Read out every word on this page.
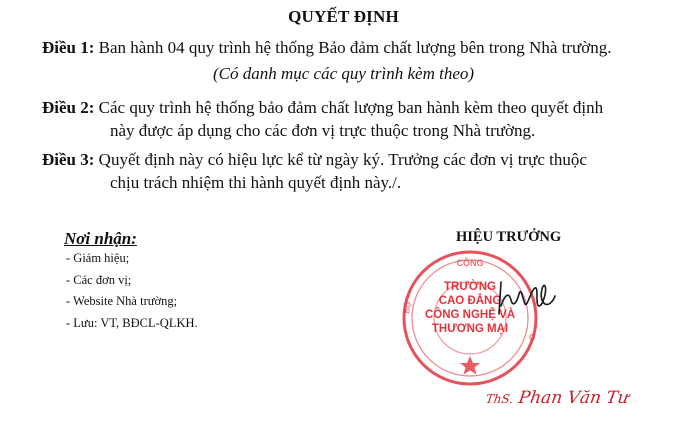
QUYẾT ĐỊNH
Điều 1: Ban hành 04 quy trình hệ thống Bảo đảm chất lượng bên trong Nhà trường.
(Có danh mục các quy trình kèm theo)
Điều 2: Các quy trình hệ thống bảo đảm chất lượng ban hành kèm theo quyết định
này được áp dụng cho các đơn vị trực thuộc trong Nhà trường.
Điều 3: Quyết định này có hiệu lực kể từ ngày ký. Trưởng các đơn vị trực thuộc
chịu trách nhiệm thi hành quyết định này./.
Nơi nhận:
- Giám hiệu;
- Các đơn vị;
- Website Nhà trường;
- Lưu: VT, BĐCL-QLKH.
HIỆU TRƯỞNG
CỘNG
BỘ
G
TRƯỜNG
CAO ĐẲNG
CÔNG NGHỆ VÀ
THƯƠNG MẠI
ThS. Phan Văn Tư
